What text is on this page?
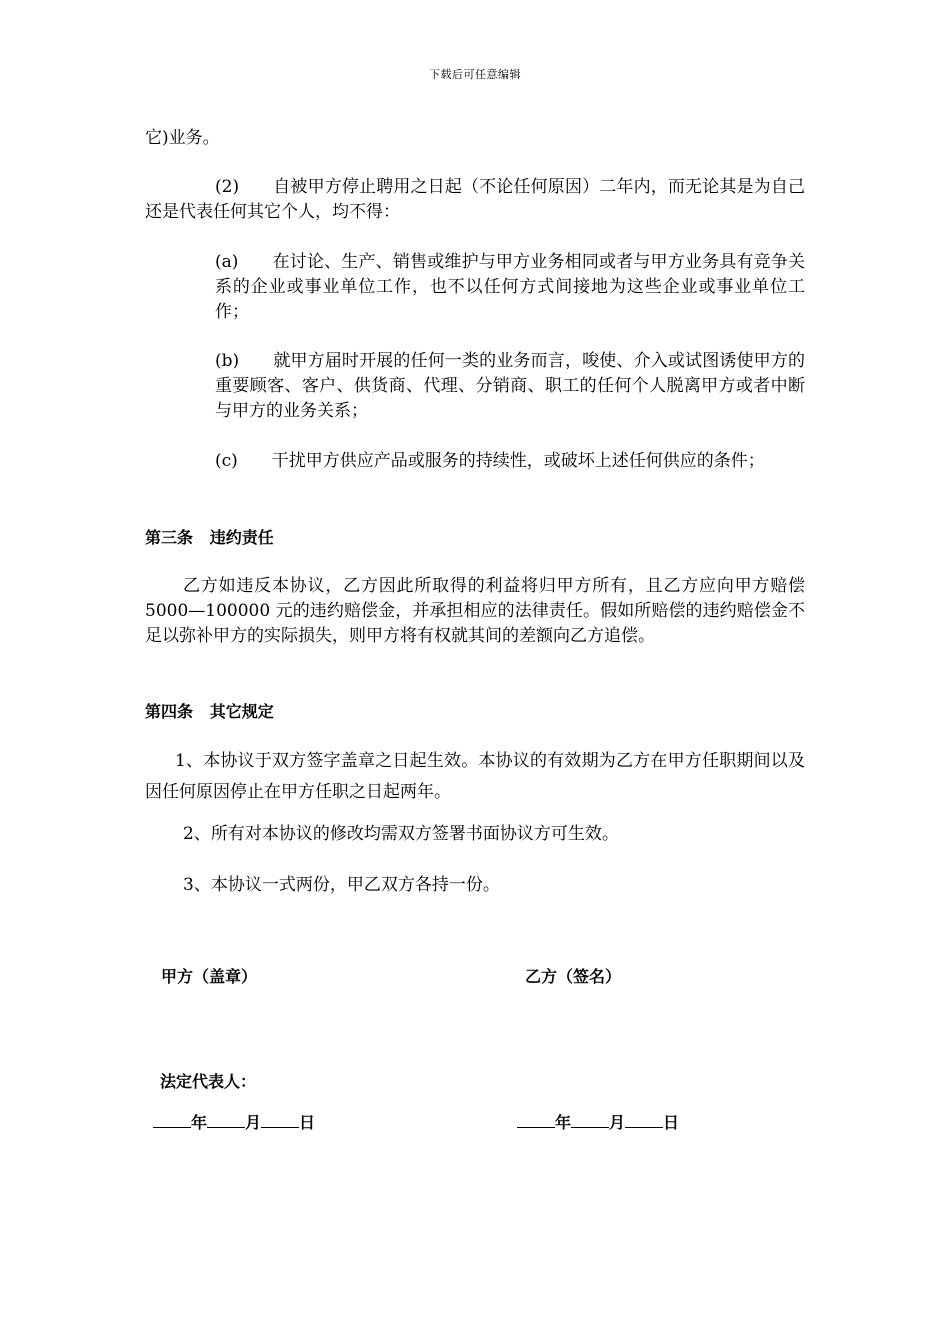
下载后可任意编辑

它)业务。

(2) 自被甲方停止聘用之日起（不论任何原因）二年内，而无论其是为自己还是代表任何其它个人，均不得：

(a) 在讨论、生产、销售或维护与甲方业务相同或者与甲方业务具有竞争关系的企业或事业单位工作，也不以任何方式间接地为这些企业或事业单位工作；

(b) 就甲方届时开展的任何一类的业务而言，唆使、介入或试图诱使甲方的重要顾客、客户、供货商、代理、分销商、职工的任何个人脱离甲方或者中断与甲方的业务关系；

(c) 干扰甲方供应产品或服务的持续性，或破坏上述任何供应的条件；

第三条   违约责任

乙方如违反本协议，乙方因此所取得的利益将归甲方所有，且乙方应向甲方赔偿 5000—100000 元的违约赔偿金，并承担相应的法律责任。假如所赔偿的违约赔偿金不足以弥补甲方的实际损失，则甲方将有权就其间的差额向乙方追偿。

第四条   其它规定

1、本协议于双方签字盖章之日起生效。本协议的有效期为乙方在甲方任职期间以及因任何原因停止在甲方任职之日起两年。

2、所有对本协议的修改均需双方签署书面协议方可生效。

3、本协议一式两份，甲乙双方各持一份。

甲方（盖章）	乙方（签名）
法定代表人：
年 月 日	年 月 日
